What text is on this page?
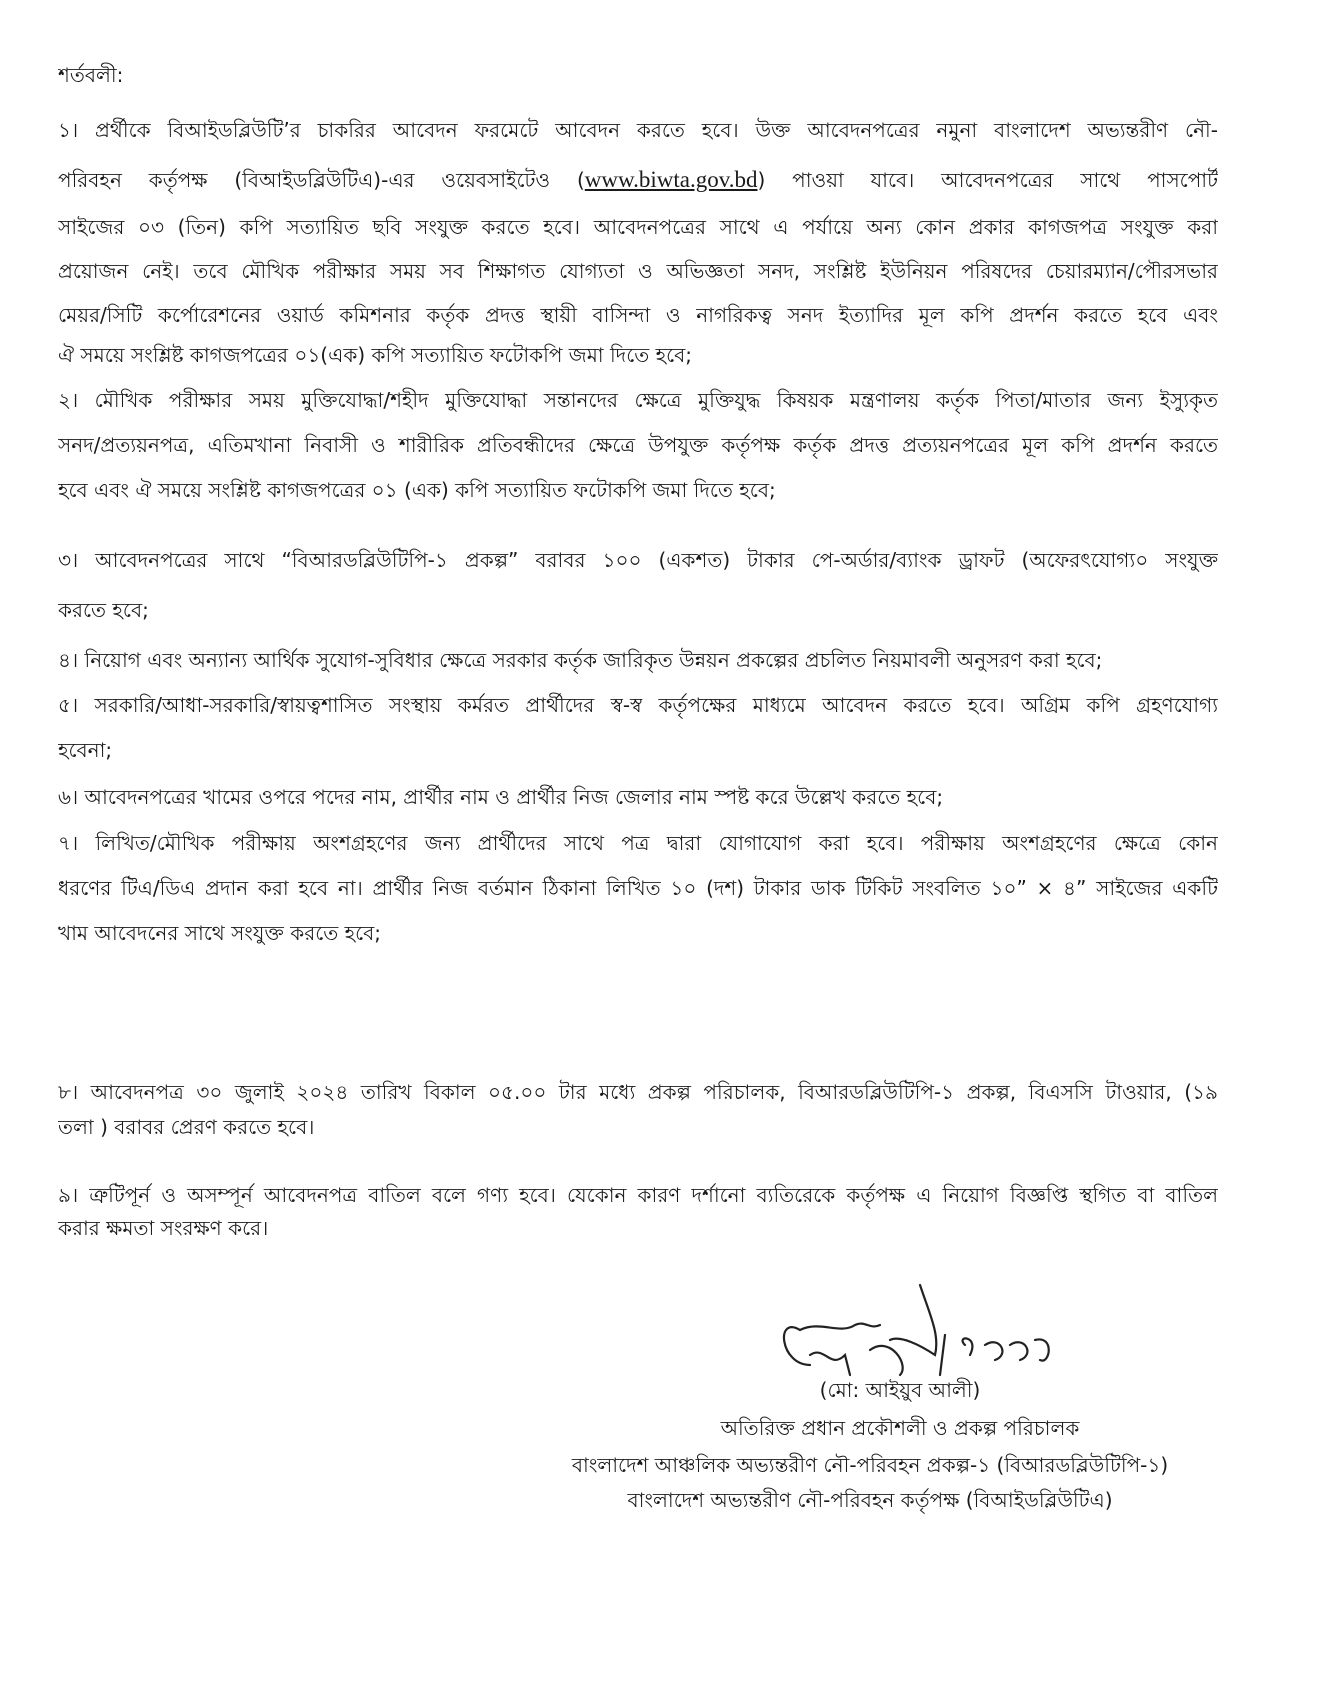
শর্তবলী:
১। প্রর্থীকে বিআইডব্লিউটি’র চাকরির আবেদন ফরমেটে আবেদন করতে হবে। উক্ত আবেদনপত্রের নমুনা বাংলাদেশ অভ্যন্তরীণ নৌ-
পরিবহন কর্তৃপক্ষ (বিআইডব্লিউটিএ)-এর ওয়েবসাইটেও (www.biwta.gov.bd) পাওয়া যাবে। আবেদনপত্রের সাথে পাসপোর্ট
সাইজের ০৩ (তিন) কপি সত্যায়িত ছবি সংযুক্ত করতে হবে। আবেদনপত্রের সাথে এ পর্যায়ে অন্য কোন প্রকার কাগজপত্র সংযুক্ত করা
প্রয়োজন নেই। তবে মৌখিক পরীক্ষার সময় সব শিক্ষাগত যোগ্যতা ও অভিজ্ঞতা সনদ, সংশ্লিষ্ট ইউনিয়ন পরিষদের চেয়ারম্যান/পৌরসভার
মেয়র/সিটি কর্পোরেশনের ওয়ার্ড কমিশনার কর্তৃক প্রদত্ত স্থায়ী বাসিন্দা ও নাগরিকত্ব সনদ ইত্যাদির মূল কপি প্রদর্শন করতে হবে এবং
ঐ সময়ে সংশ্লিষ্ট কাগজপত্রের ০১(এক) কপি সত্যায়িত ফটোকপি জমা দিতে হবে;
২। মৌখিক পরীক্ষার সময় মুক্তিযোদ্ধা/শহীদ মুক্তিযোদ্ধা সন্তানদের ক্ষেত্রে মুক্তিযুদ্ধ কিষয়ক মন্ত্রণালয় কর্তৃক পিতা/মাতার জন্য ইস্যুকৃত
সনদ/প্রত্যয়নপত্র, এতিমখানা নিবাসী ও শারীরিক প্রতিবন্ধীদের ক্ষেত্রে উপযুক্ত কর্তৃপক্ষ কর্তৃক প্রদত্ত প্রত্যয়নপত্রের মূল কপি প্রদর্শন করতে
হবে এবং ঐ সময়ে সংশ্লিষ্ট কাগজপত্রের ০১ (এক) কপি সত্যায়িত ফটোকপি জমা দিতে হবে;
৩। আবেদনপত্রের সাথে “বিআরডব্লিউটিপি-১ প্রকল্প” বরাবর ১০০ (একশত) টাকার পে-অর্ডার/ব্যাংক ড্রাফট (অফেরৎযোগ্য০ সংযুক্ত
করতে হবে;
৪। নিয়োগ এবং অন্যান্য আর্থিক সুযোগ-সুবিধার ক্ষেত্রে সরকার কর্তৃক জারিকৃত উন্নয়ন প্রকল্পের প্রচলিত নিয়মাবলী অনুসরণ করা হবে;
৫। সরকারি/আধা-সরকারি/স্বায়ত্বশাসিত সংস্থায় কর্মরত প্রার্থীদের স্ব-স্ব কর্তৃপক্ষের মাধ্যমে আবেদন করতে হবে। অগ্রিম কপি গ্রহণযোগ্য
হবেনা;
৬। আবেদনপত্রের খামের ওপরে পদের নাম, প্রার্থীর নাম ও প্রার্থীর নিজ জেলার নাম স্পষ্ট করে উল্লেখ করতে হবে;
৭। লিখিত/মৌখিক পরীক্ষায় অংশগ্রহণের জন্য প্রার্থীদের সাথে পত্র দ্বারা যোগাযোগ করা হবে। পরীক্ষায় অংশগ্রহণের ক্ষেত্রে কোন
ধরণের টিএ/ডিএ প্রদান করা হবে না। প্রার্থীর নিজ বর্তমান ঠিকানা লিখিত ১০ (দশ) টাকার ডাক টিকিট সংবলিত ১০” × ৪” সাইজের একটি
খাম আবেদনের সাথে সংযুক্ত করতে হবে;
৮। আবেদনপত্র ৩০ জুলাই ২০২৪ তারিখ বিকাল ০৫.০০ টার মধ্যে প্রকল্প পরিচালক, বিআরডব্লিউটিপি-১ প্রকল্প, বিএসসি টাওয়ার, (১৯
তলা ) বরাবর প্রেরণ করতে হবে।
৯। ত্রুটিপূর্ন ও অসম্পূর্ন আবেদনপত্র বাতিল বলে গণ্য হবে। যেকোন কারণ দর্শানো ব্যতিরেকে কর্তৃপক্ষ এ নিয়োগ বিজ্ঞপ্তি স্থগিত বা বাতিল
করার ক্ষমতা সংরক্ষণ করে।
(মো: আইয়ুব আলী)
অতিরিক্ত প্রধান প্রকৌশলী ও প্রকল্প পরিচালক
বাংলাদেশ আঞ্চলিক অভ্যন্তরীণ নৌ-পরিবহন প্রকল্প-১ (বিআরডব্লিউটিপি-১)
বাংলাদেশ অভ্যন্তরীণ নৌ-পরিবহন কর্তৃপক্ষ (বিআইডব্লিউটিএ)
